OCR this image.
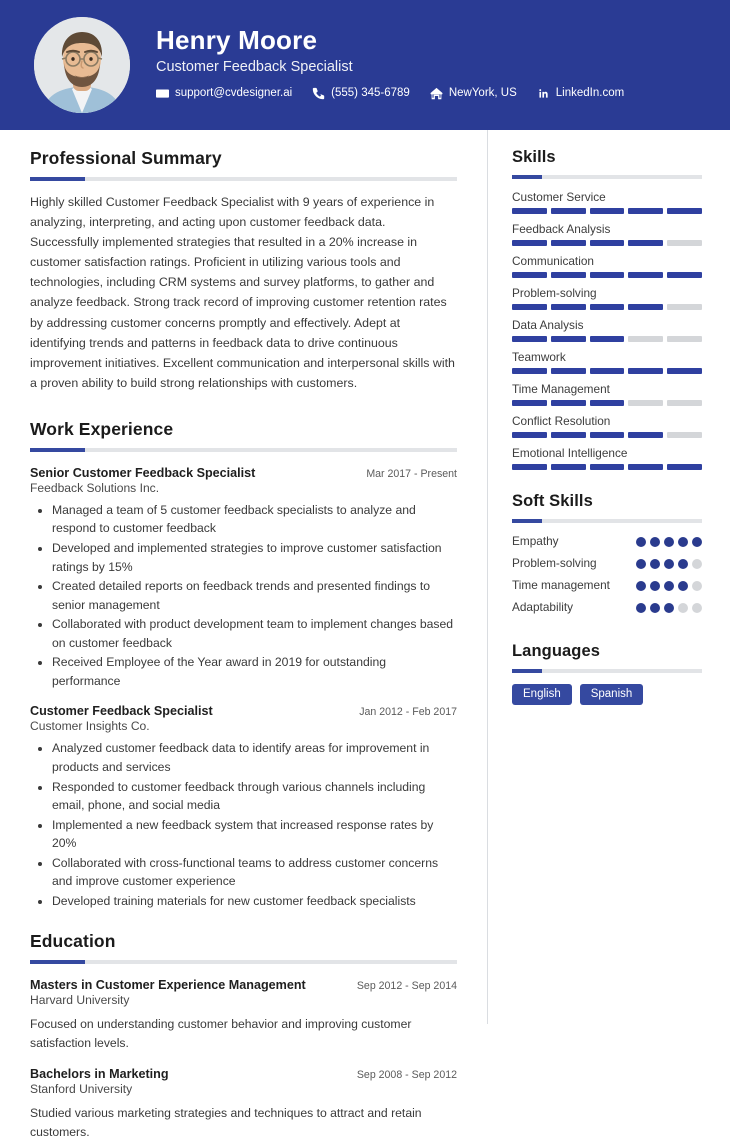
Henry Moore
Customer Feedback Specialist
support@cvdesigner.ai	(555) 345-6789	NewYork, US	LinkedIn.com
Professional Summary
Highly skilled Customer Feedback Specialist with 9 years of experience in analyzing, interpreting, and acting upon customer feedback data. Successfully implemented strategies that resulted in a 20% increase in customer satisfaction ratings. Proficient in utilizing various tools and technologies, including CRM systems and survey platforms, to gather and analyze feedback. Strong track record of improving customer retention rates by addressing customer concerns promptly and effectively. Adept at identifying trends and patterns in feedback data to drive continuous improvement initiatives. Excellent communication and interpersonal skills with a proven ability to build strong relationships with customers.
Work Experience
Senior Customer Feedback Specialist	Mar 2017 - Present
Feedback Solutions Inc.
• Managed a team of 5 customer feedback specialists to analyze and respond to customer feedback
• Developed and implemented strategies to improve customer satisfaction ratings by 15%
• Created detailed reports on feedback trends and presented findings to senior management
• Collaborated with product development team to implement changes based on customer feedback
• Received Employee of the Year award in 2019 for outstanding performance
Customer Feedback Specialist	Jan 2012 - Feb 2017
Customer Insights Co.
• Analyzed customer feedback data to identify areas for improvement in products and services
• Responded to customer feedback through various channels including email, phone, and social media
• Implemented a new feedback system that increased response rates by 20%
• Collaborated with cross-functional teams to address customer concerns and improve customer experience
• Developed training materials for new customer feedback specialists
Education
Masters in Customer Experience Management	Sep 2012 - Sep 2014
Harvard University
Focused on understanding customer behavior and improving customer satisfaction levels.
Bachelors in Marketing	Sep 2008 - Sep 2012
Stanford University
Studied various marketing strategies and techniques to attract and retain customers.
Skills
Customer Service
Feedback Analysis
Communication
Problem-solving
Data Analysis
Teamwork
Time Management
Conflict Resolution
Emotional Intelligence
Soft Skills
Empathy
Problem-solving
Time management
Adaptability
Languages
English	Spanish
